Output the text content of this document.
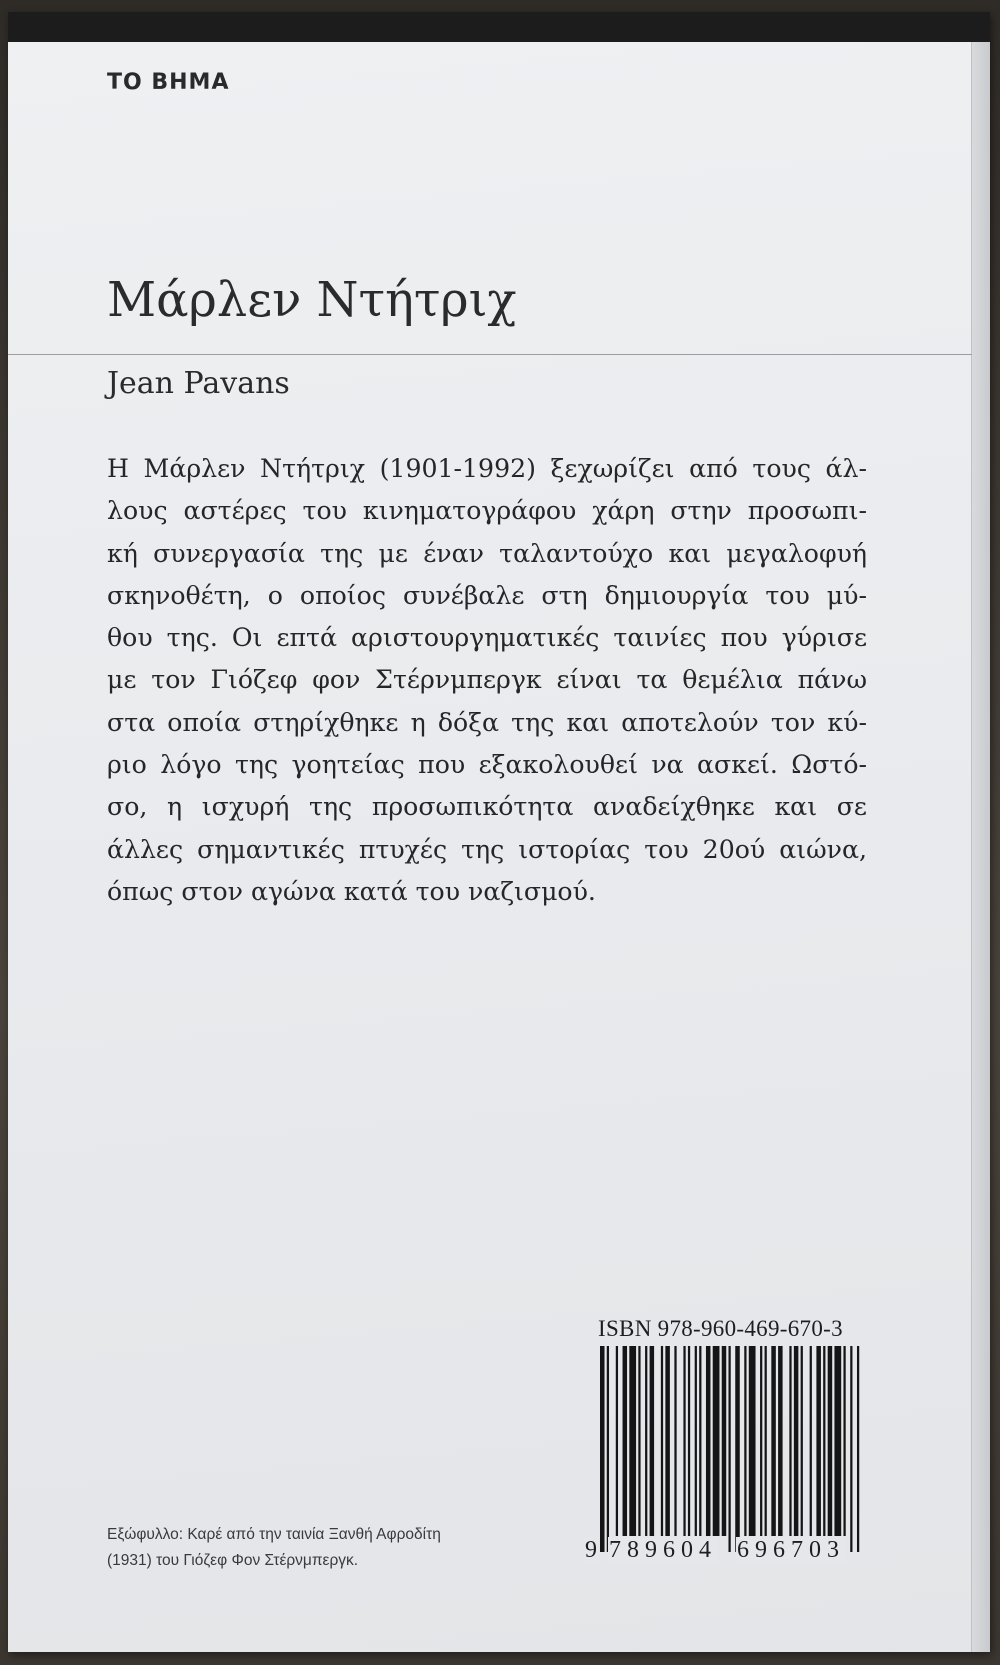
ΤΟ ΒΗΜΑ
Μάρλεν Ντήτριχ
Jean Pavans
Η Μάρλεν Ντήτριχ (1901-1992) ξεχωρίζει από τους άλ-
λους αστέρες του κινηματογράφου χάρη στην προσωπι-
κή συνεργασία της με έναν ταλαντούχο και μεγαλοφυή
σκηνοθέτη, ο οποίος συνέβαλε στη δημιουργία του μύ-
θου της. Οι επτά αριστουργηματικές ταινίες που γύρισε
με τον Γιόζεφ φον Στέρνμπεργκ είναι τα θεμέλια πάνω
στα οποία στηρίχθηκε η δόξα της και αποτελούν τον κύ-
ριο λόγο της γοητείας που εξακολουθεί να ασκεί. Ωστό-
σο, η ισχυρή της προσωπικότητα αναδείχθηκε και σε
άλλες σημαντικές πτυχές της ιστορίας του 20ού αιώνα,
όπως στον αγώνα κατά του ναζισμού.
Εξώφυλλο: Καρέ από την ταινία Ξανθή Αφροδίτη
(1931) του Γιόζεφ Φον Στέρνμπεργκ.
ISBN 978-960-469-670-3
9 789604 696703
